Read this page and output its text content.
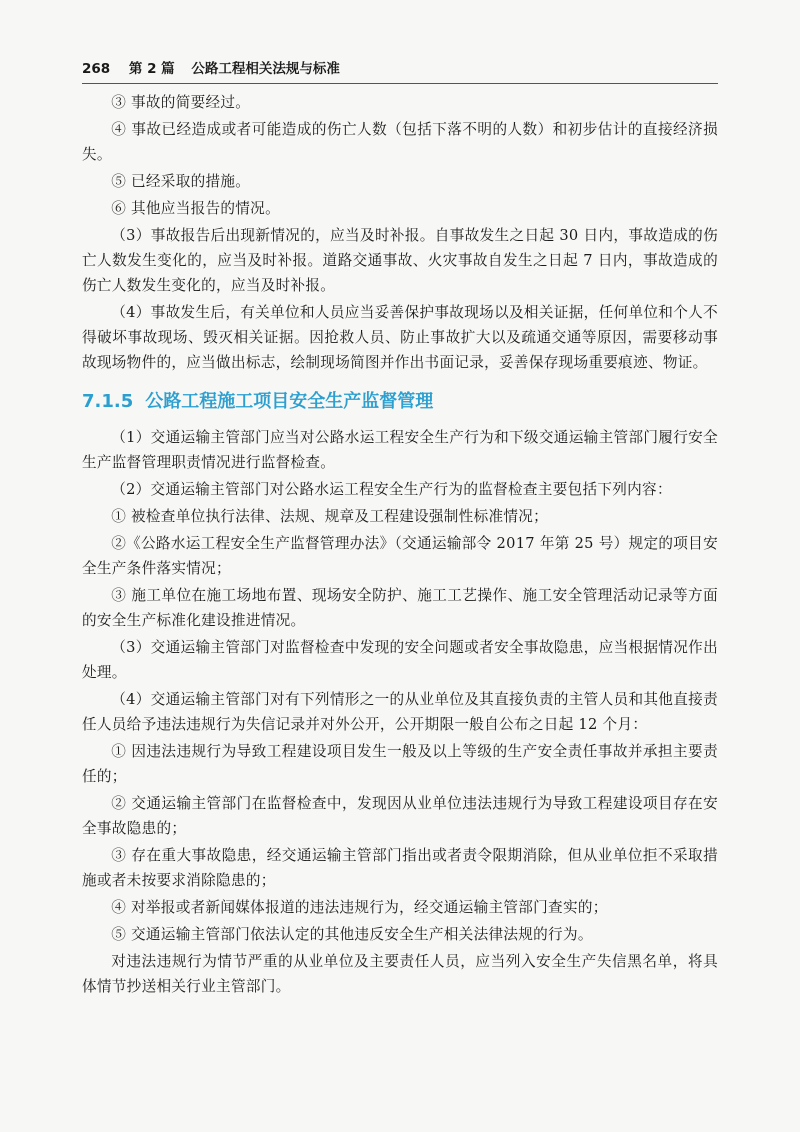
268 第 2 篇 公路工程相关法规与标准

③ 事故的简要经过。

④ 事故已经造成或者可能造成的伤亡人数（包括下落不明的人数）和初步估计的直接经济损失。

⑤ 已经采取的措施。

⑥ 其他应当报告的情况。

（3）事故报告后出现新情况的，应当及时补报。自事故发生之日起 30 日内，事故造成的伤亡人数发生变化的，应当及时补报。道路交通事故、火灾事故自发生之日起 7 日内，事故造成的伤亡人数发生变化的，应当及时补报。

（4）事故发生后，有关单位和人员应当妥善保护事故现场以及相关证据，任何单位和个人不得破坏事故现场、毁灭相关证据。因抢救人员、防止事故扩大以及疏通交通等原因，需要移动事故现场物件的，应当做出标志，绘制现场简图并作出书面记录，妥善保存现场重要痕迹、物证。

7.1.5 公路工程施工项目安全生产监督管理

（1）交通运输主管部门应当对公路水运工程安全生产行为和下级交通运输主管部门履行安全生产监督管理职责情况进行监督检查。

（2）交通运输主管部门对公路水运工程安全生产行为的监督检查主要包括下列内容：

① 被检查单位执行法律、法规、规章及工程建设强制性标准情况；

②《公路水运工程安全生产监督管理办法》（交通运输部令 2017 年第 25 号）规定的项目安全生产条件落实情况；

③ 施工单位在施工场地布置、现场安全防护、施工工艺操作、施工安全管理活动记录等方面的安全生产标准化建设推进情况。

（3）交通运输主管部门对监督检查中发现的安全问题或者安全事故隐患，应当根据情况作出处理。

（4）交通运输主管部门对有下列情形之一的从业单位及其直接负责的主管人员和其他直接责任人员给予违法违规行为失信记录并对外公开，公开期限一般自公布之日起 12 个月：

① 因违法违规行为导致工程建设项目发生一般及以上等级的生产安全责任事故并承担主要责任的；

② 交通运输主管部门在监督检查中，发现因从业单位违法违规行为导致工程建设项目存在安全事故隐患的；

③ 存在重大事故隐患，经交通运输主管部门指出或者责令限期消除，但从业单位拒不采取措施或者未按要求消除隐患的；

④ 对举报或者新闻媒体报道的违法违规行为，经交通运输主管部门查实的；

⑤ 交通运输主管部门依法认定的其他违反安全生产相关法律法规的行为。

对违法违规行为情节严重的从业单位及主要责任人员，应当列入安全生产失信黑名单，将具体情节抄送相关行业主管部门。
